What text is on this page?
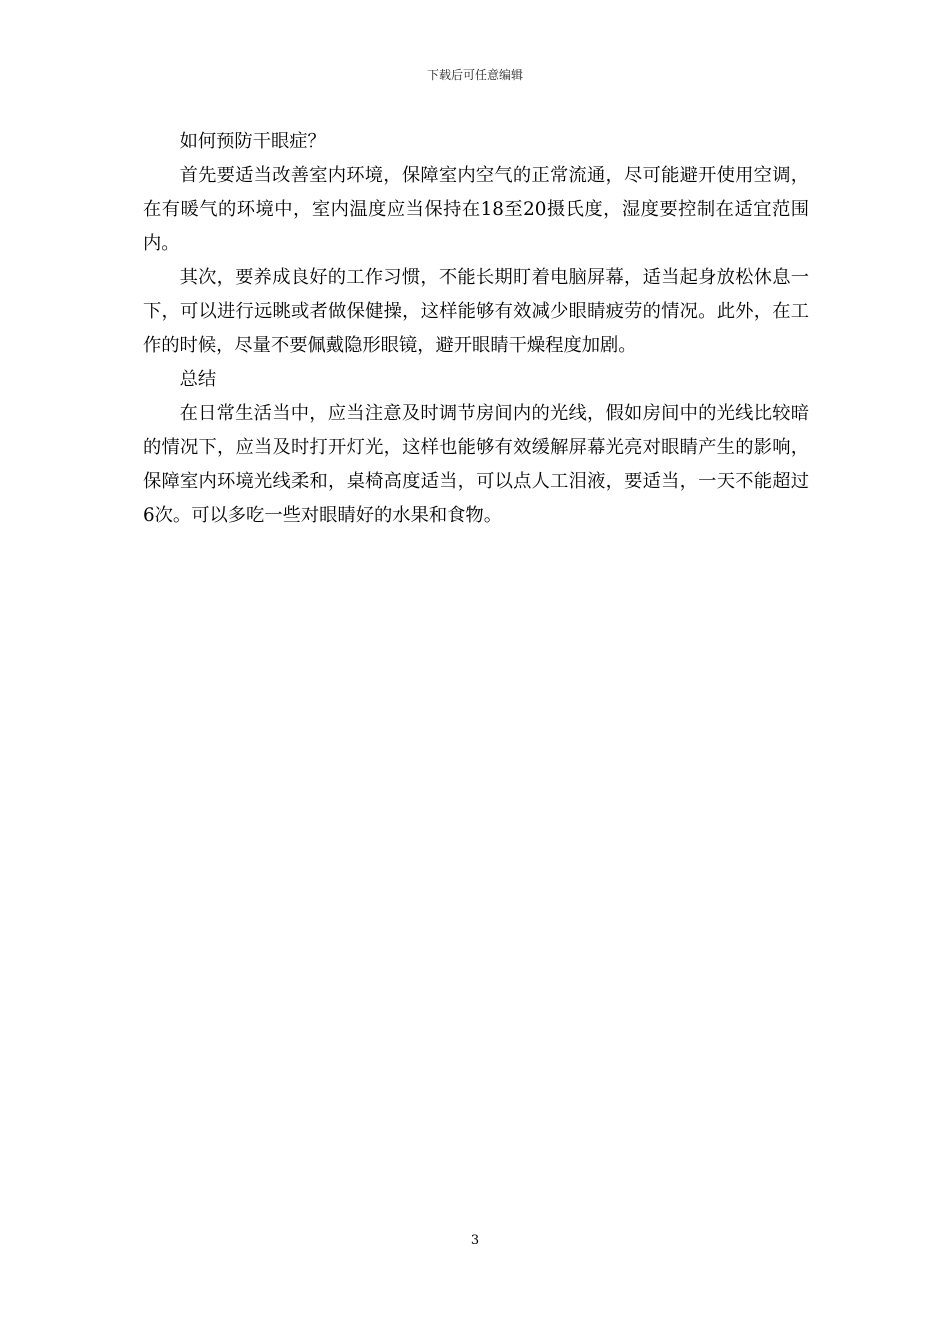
下载后可任意编辑

如何预防干眼症？

首先要适当改善室内环境，保障室内空气的正常流通，尽可能避开使用空调，在有暖气的环境中，室内温度应当保持在18至20摄氏度，湿度要控制在适宜范围内。

其次，要养成良好的工作习惯，不能长期盯着电脑屏幕，适当起身放松休息一下，可以进行远眺或者做保健操，这样能够有效减少眼睛疲劳的情况。此外，在工作的时候，尽量不要佩戴隐形眼镜，避开眼睛干燥程度加剧。

总结

在日常生活当中，应当注意及时调节房间内的光线，假如房间中的光线比较暗的情况下，应当及时打开灯光，这样也能够有效缓解屏幕光亮对眼睛产生的影响，保障室内环境光线柔和，桌椅高度适当，可以点人工泪液，要适当，一天不能超过6次。可以多吃一些对眼睛好的水果和食物。

3
